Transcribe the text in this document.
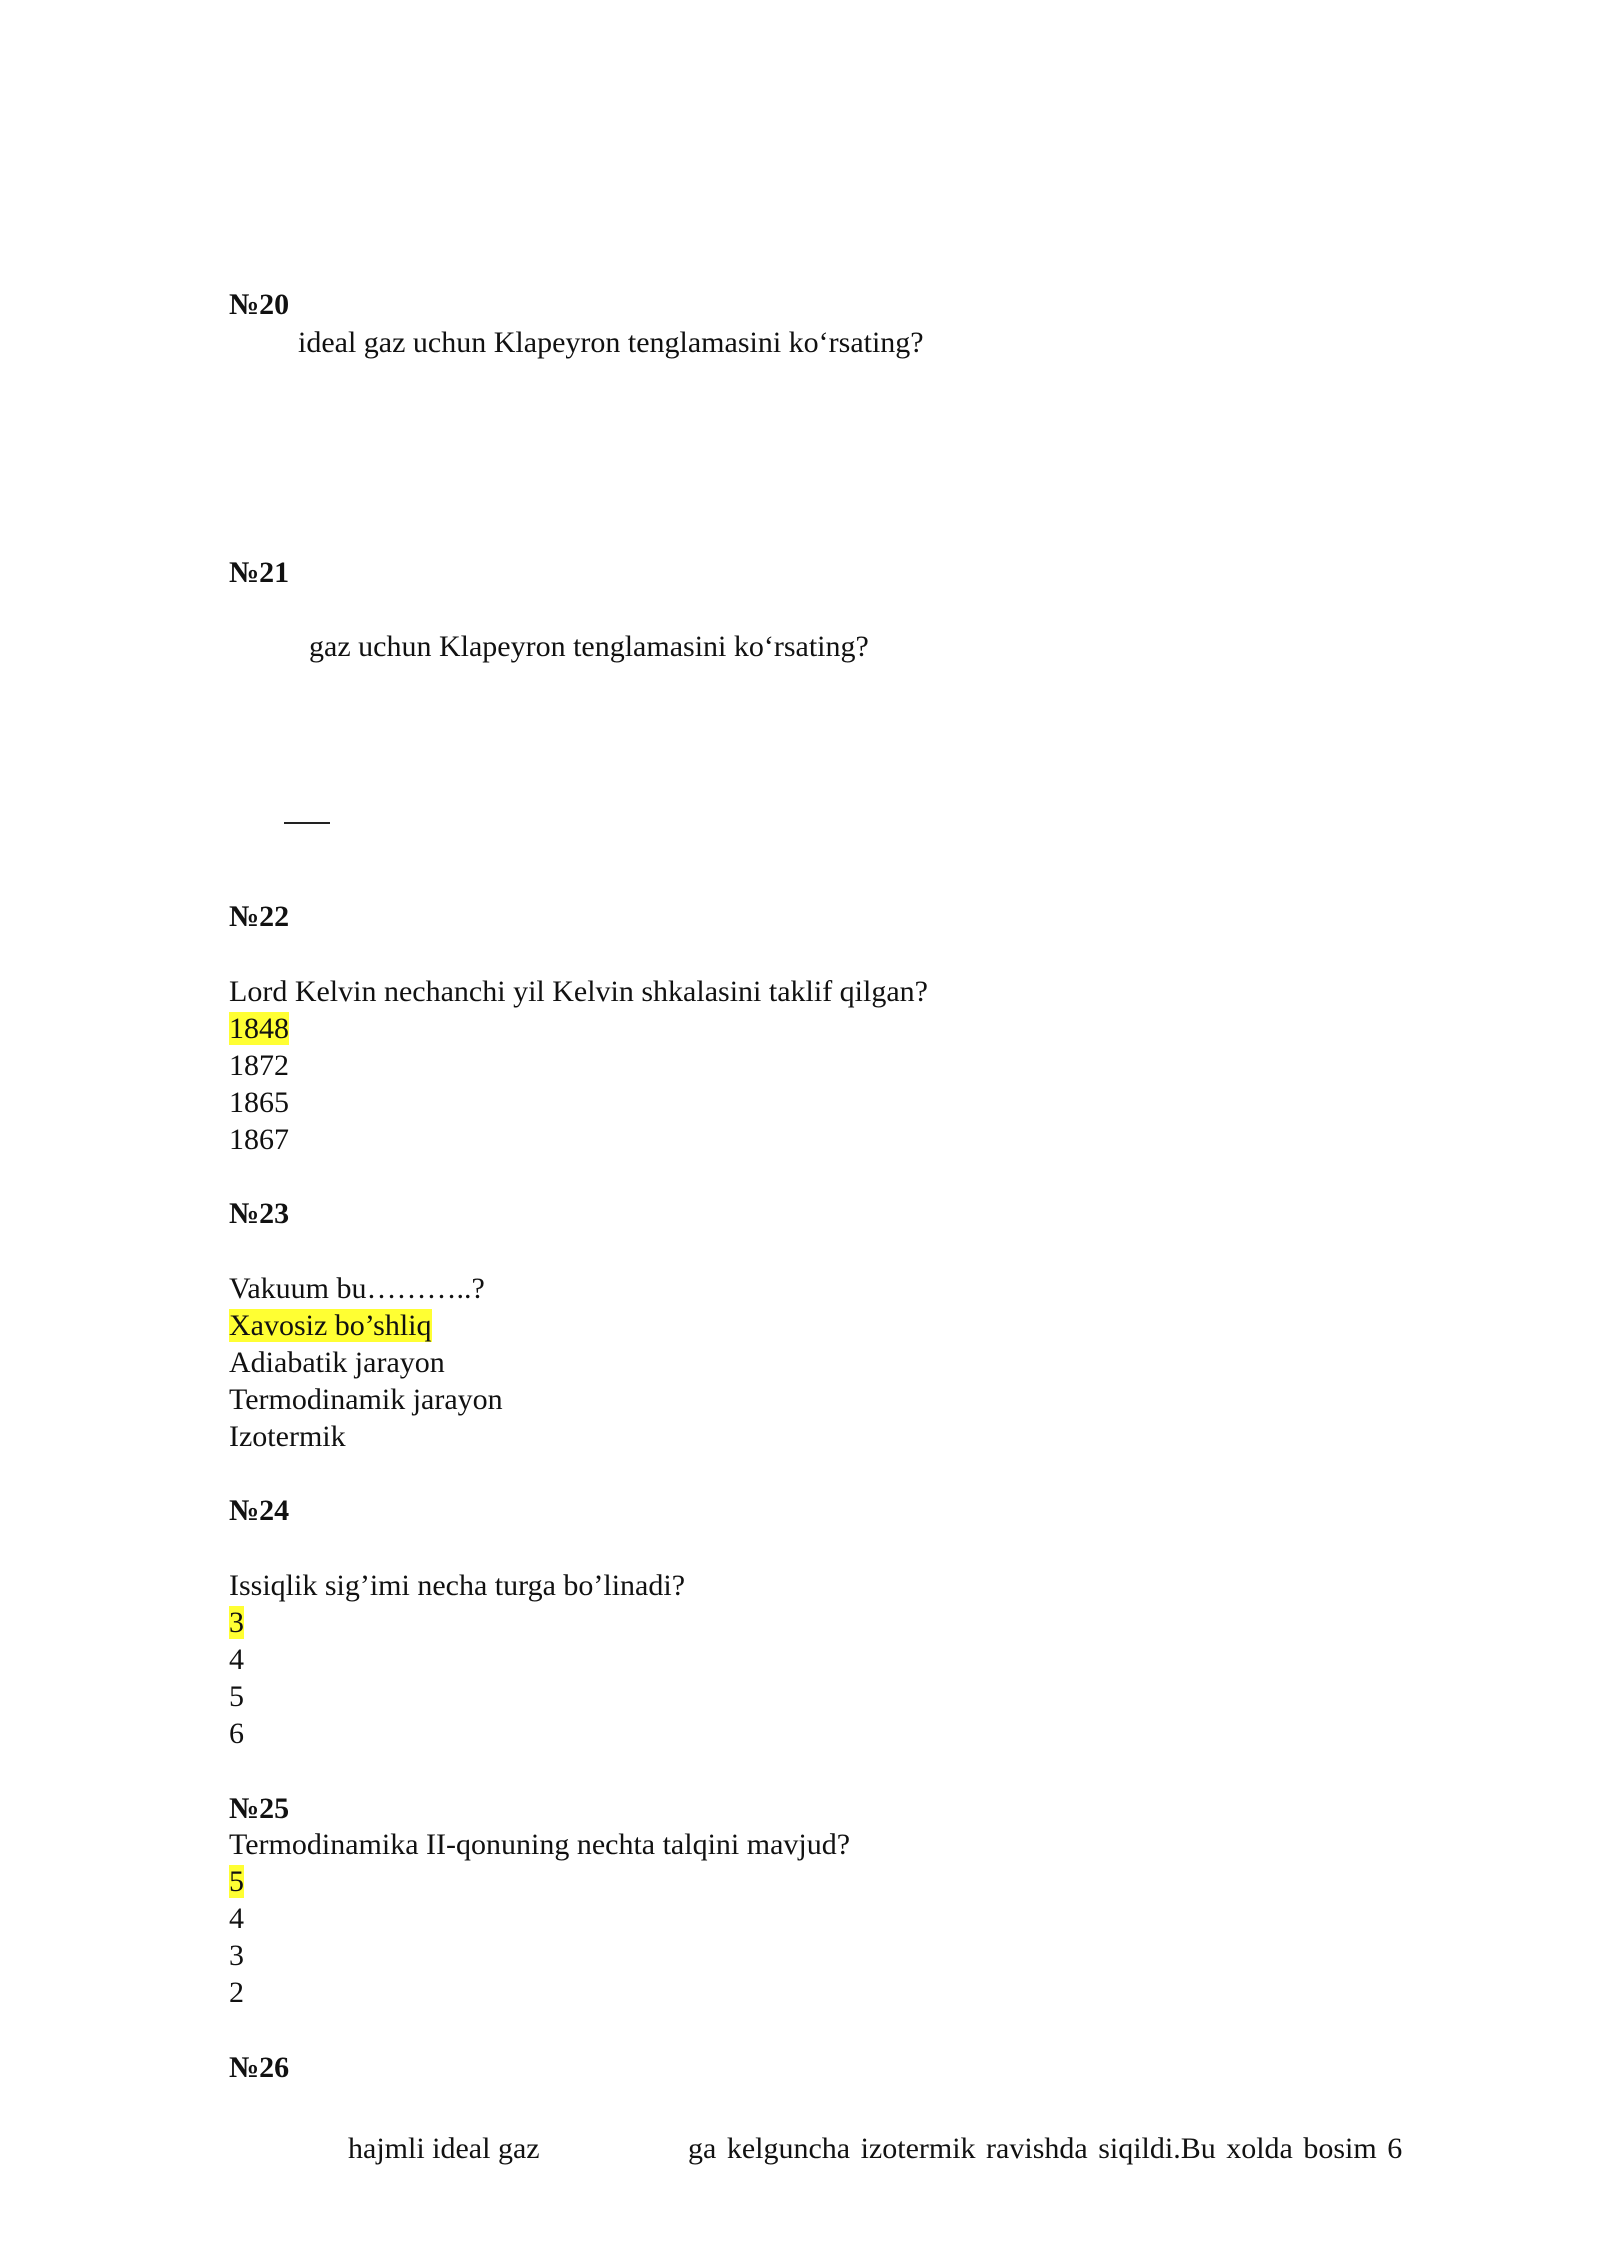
№20
ideal gaz uchun Klapeyron tenglamasini ko‘rsating?
№21
gaz uchun Klapeyron tenglamasini ko‘rsating?
№22
Lord Kelvin nechanchi yil Kelvin shkalasini taklif qilgan?
1848
1872
1865
1867
№23
Vakuum bu………..?
Xavosiz bo’shliq
Adiabatik jarayon
Termodinamik jarayon
Izotermik
№24
Issiqlik sig’imi necha turga bo’linadi?
3
4
5
6
№25
Termodinamika II-qonuning nechta talqini mavjud?
5
4
3
2
№26
hajmli ideal gaz	ga kelguncha izotermik ravishda siqildi.Bu xolda bosim 6
